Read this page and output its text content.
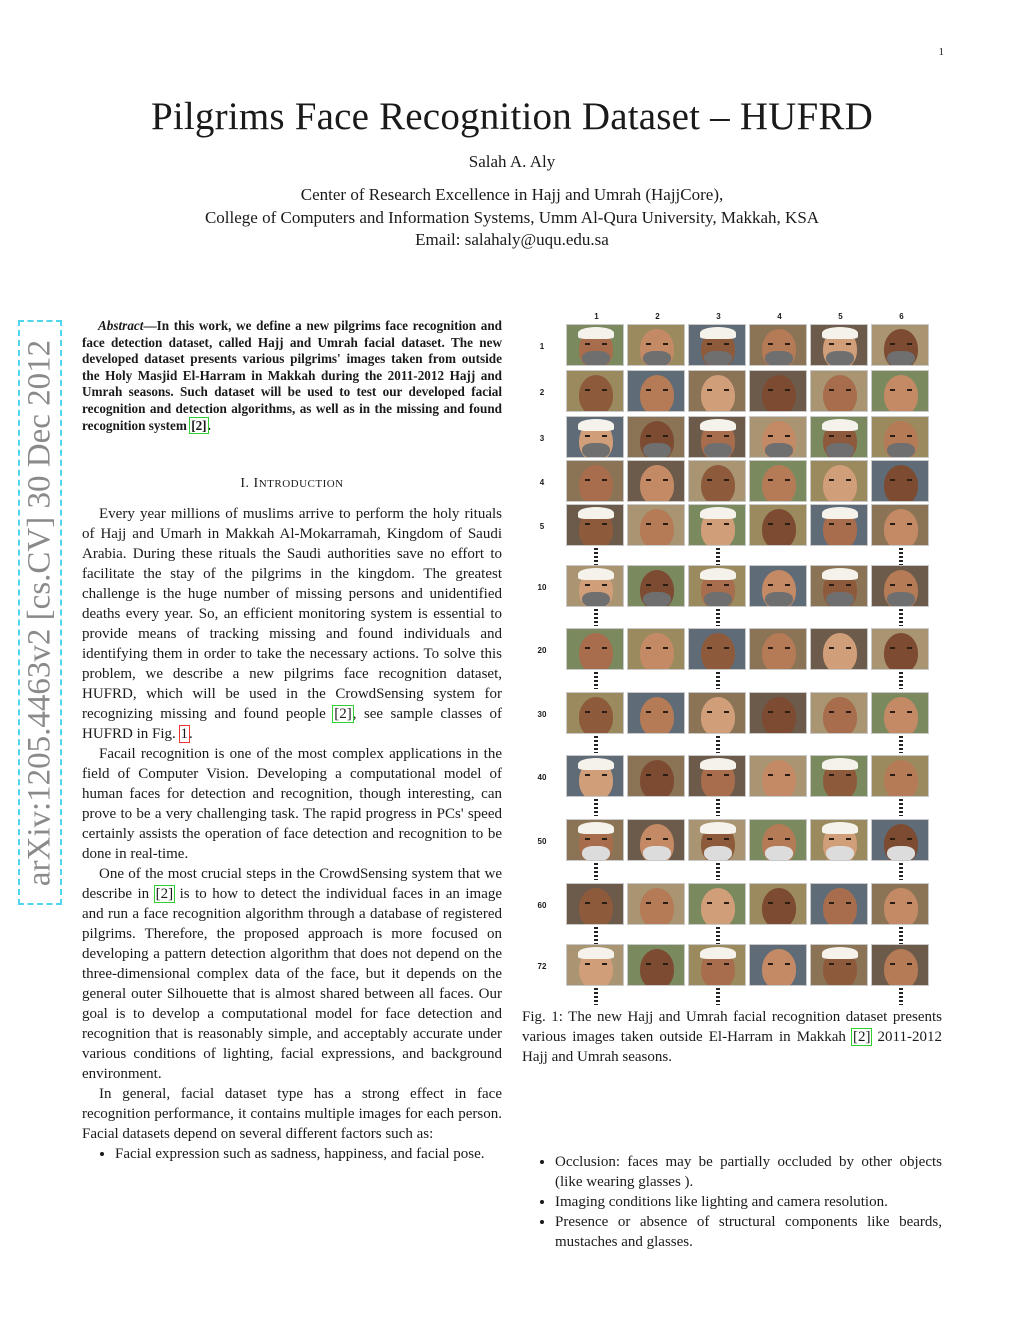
1
Pilgrims Face Recognition Dataset – HUFRD
Salah A. Aly
Center of Research Excellence in Hajj and Umrah (HajjCore),
College of Computers and Information Systems, Umm Al-Qura University, Makkah, KSA
Email: salahaly@uqu.edu.sa
arXiv:1205.4463v2 [cs.CV] 30 Dec 2012

Abstract—In this work, we define a new pilgrims face recognition and face detection dataset, called Hajj and Umrah facial dataset. The new developed dataset presents various pilgrims' images taken from outside the Holy Masjid El-Harram in Makkah during the 2011-2012 Hajj and Umrah seasons. Such dataset will be used to test our developed facial recognition and detection algorithms, as well as in the missing and found recognition system [2].

I. INTRODUCTION

Every year millions of muslims arrive to perform the holy rituals of Hajj and Umarh in Makkah Al-Mokarramah, Kingdom of Saudi Arabia. During these rituals the Saudi authorities save no effort to facilitate the stay of the pilgrims in the kingdom. The greatest challenge is the huge number of missing persons and unidentified deaths every year. So, an efficient monitoring system is essential to provide means of tracking missing and found individuals and identifying them in order to take the necessary actions. To solve this problem, we describe a new pilgrims face recognition dataset, HUFRD, which will be used in the CrowdSensing system for recognizing missing and found people [2], see sample classes of HUFRD in Fig. 1.

Facail recognition is one of the most complex applications in the field of Computer Vision. Developing a computational model of human faces for detection and recognition, though interesting, can prove to be a very challenging task. The rapid progress in PCs' speed certainly assists the operation of face detection and recognition to be done in real-time.

One of the most crucial steps in the CrowdSensing system that we describe in [2] is to how to detect the individual faces in an image and run a face recognition algorithm through a database of registered pilgrims. Therefore, the proposed approach is more focused on developing a pattern detection algorithm that does not depend on the three-dimensional complex data of the face, but it depends on the general outer Silhouette that is almost shared between all faces. Our goal is to develop a computational model for face detection and recognition that is reasonably simple, and acceptably accurate under various conditions of lighting, facial expressions, and background environment.

In general, facial dataset type has a strong effect in face recognition performance, it contains multiple images for each person. Facial datasets depend on several different factors such as:

• Facial expression such as sadness, happiness, and facial pose.
1	2	3	4	5	6
1
2
3
4
5
10
20
30
40
50
60
72

Fig. 1: The new Hajj and Umrah facial recognition dataset presents various images taken outside El-Harram in Makkah [2] 2011-2012 Hajj and Umrah seasons.

• Occlusion: faces may be partially occluded by other objects (like wearing glasses ).
• Imaging conditions like lighting and camera resolution.
• Presence or absence of structural components like beards, mustaches and glasses.
